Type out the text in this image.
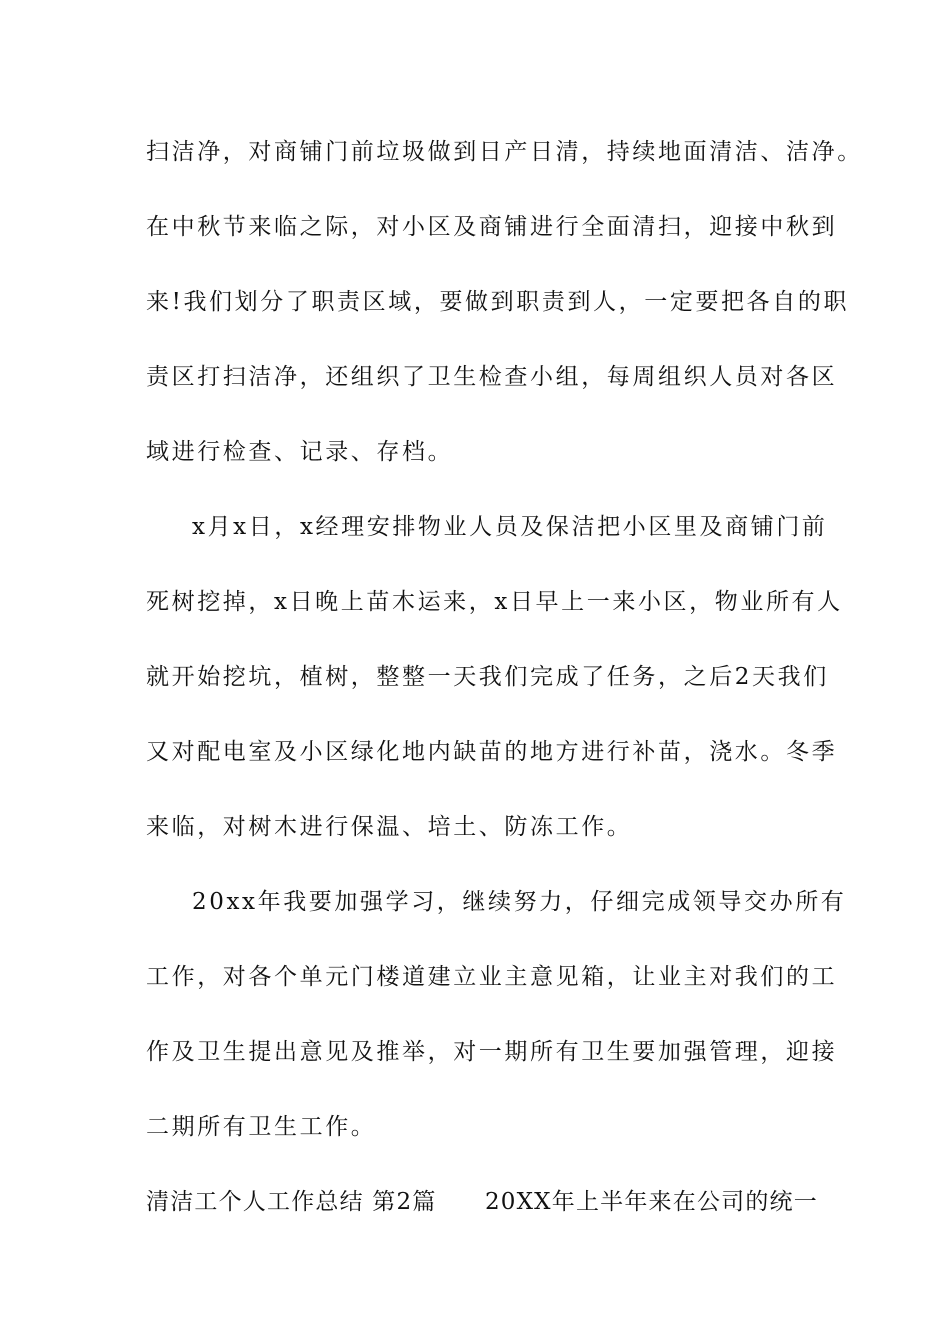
扫洁净，对商铺门前垃圾做到日产日清，持续地面清洁、洁净。
在中秋节来临之际，对小区及商铺进行全面清扫，迎接中秋到
来!我们划分了职责区域，要做到职责到人，一定要把各自的职
责区打扫洁净，还组织了卫生检查小组，每周组织人员对各区
域进行检查、记录、存档。
x月x日，x经理安排物业人员及保洁把小区里及商铺门前
死树挖掉，x日晚上苗木运来，x日早上一来小区，物业所有人
就开始挖坑，植树，整整一天我们完成了任务，之后2天我们
又对配电室及小区绿化地内缺苗的地方进行补苗，浇水。冬季
来临，对树木进行保温、培土、防冻工作。
20xx年我要加强学习，继续努力，仔细完成领导交办所有
工作，对各个单元门楼道建立业主意见箱，让业主对我们的工
作及卫生提出意见及推举，对一期所有卫生要加强管理，迎接
二期所有卫生工作。
清洁工个人工作总结 第2篇　　20XX年上半年来在公司的统一
